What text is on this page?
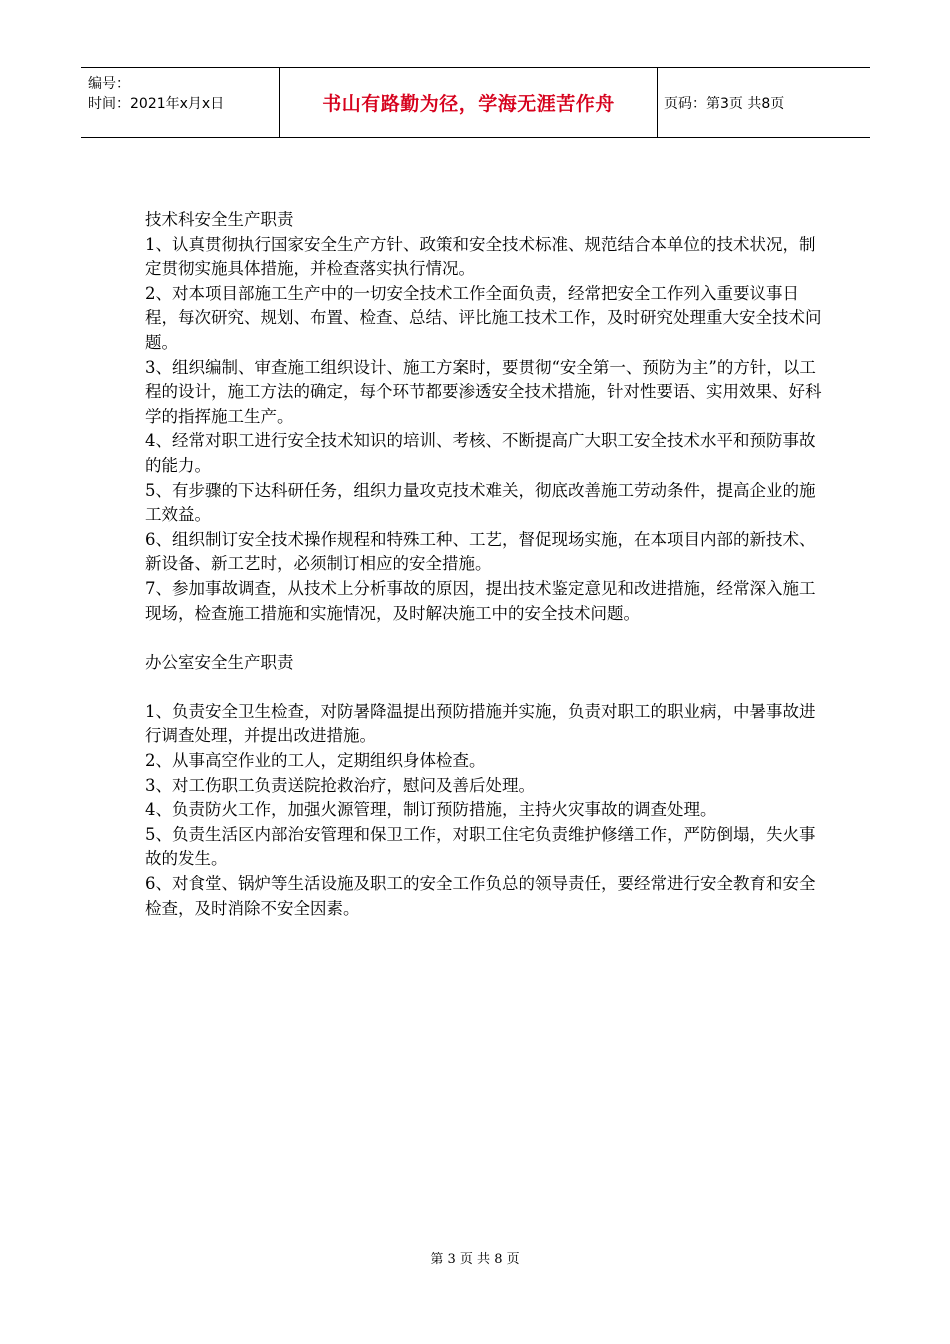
编号：
时间：2021年x月x日	书山有路勤为径，学海无涯苦作舟	页码：第3页 共8页

技术科安全生产职责

1、认真贯彻执行国家安全生产方针、政策和安全技术标准、规范结合本单位的技术状况，制定贯彻实施具体措施，并检查落实执行情况。

2、对本项目部施工生产中的一切安全技术工作全面负责，经常把安全工作列入重要议事日程，每次研究、规划、布置、检查、总结、评比施工技术工作，及时研究处理重大安全技术问题。

3、组织编制、审查施工组织设计、施工方案时，要贯彻“安全第一、预防为主”的方针，以工程的设计，施工方法的确定，每个环节都要渗透安全技术措施，针对性要语、实用效果、好科学的指挥施工生产。

4、经常对职工进行安全技术知识的培训、考核、不断提高广大职工安全技术水平和预防事故的能力。

5、有步骤的下达科研任务，组织力量攻克技术难关，彻底改善施工劳动条件，提高企业的施工效益。

6、组织制订安全技术操作规程和特殊工种、工艺，督促现场实施，在本项目内部的新技术、新设备、新工艺时，必须制订相应的安全措施。

7、参加事故调查，从技术上分析事故的原因，提出技术鉴定意见和改进措施，经常深入施工现场，检查施工措施和实施情况，及时解决施工中的安全技术问题。

办公室安全生产职责

1、负责安全卫生检查，对防暑降温提出预防措施并实施，负责对职工的职业病，中暑事故进行调查处理，并提出改进措施。

2、从事高空作业的工人，定期组织身体检查。

3、对工伤职工负责送院抢救治疗，慰问及善后处理。

4、负责防火工作，加强火源管理，制订预防措施，主持火灾事故的调查处理。

5、负责生活区内部治安管理和保卫工作，对职工住宅负责维护修缮工作，严防倒塌，失火事故的发生。

6、对食堂、锅炉等生活设施及职工的安全工作负总的领导责任，要经常进行安全教育和安全检查，及时消除不安全因素。

第 3 页 共 8 页
